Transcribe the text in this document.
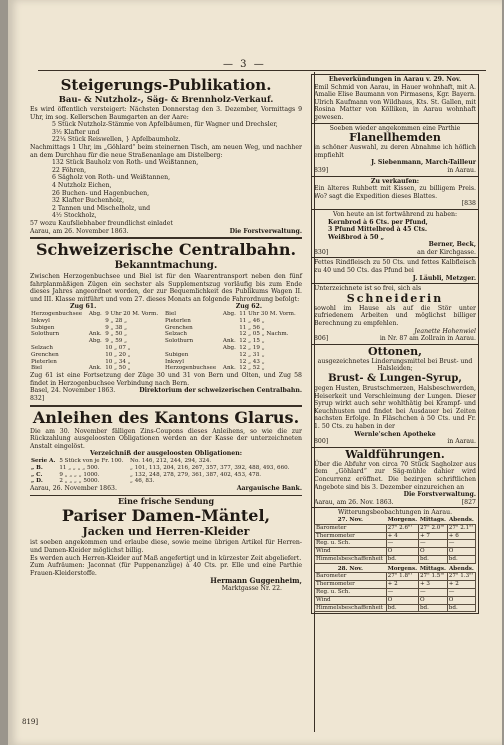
— 3 —
Steigerungs-Publikation.
Bau- & Nutzholz-, Säg- & Brennholz-Verkauf.

Es wird öffentlich versteigert: Nächsten Donnerstag den 3. Dezember, Vormittags 9 Uhr, im sog. Kellerschen Baumgarten an der Aare:

5 Stück Nutzholz-Stämme von Apfelbäumen, für Wagner und Drechsler,
3½ Klafter und
22¼ Stück Reiswellen, } Apfelbaumholz.

Nachmittags 1 Uhr, im „Göhlard“ beim steinernen Tisch, am neuen Weg, und nachher an dem Durchhau für die neue Straßenanlage am Distelberg:

132 Stück Bauholz von Roth- und Weißtannen,
22 Föhren,
6 Sägholz von Roth- und Weißtannen,
4 Nutzholz Eichen,
26 Buchen- und Hagenbuchen,
32 Klafter Buchenholz,
2 Tannen und Mischelholz, und
4½ Stockholz,
57 wozu Kaufsliebhaber freundlichst einladet
Aarau, am 26. November 1863.	Die Forstverwaltung.
Schweizerische Centralbahn.
Bekanntmachung.

Zwischen Herzogenbuchsee und Biel ist für den Waarentransport neben den fünf fahrplanmäßigen Zügen ein sechster als Supplementszug vorläufig bis zum Ende dieses Jahres angeordnet worden, der zur Bequemlichkeit des Publikums Wagen II. und III. Klasse mitführt und vom 27. dieses Monats an folgende Fahrordnung befolgt:

Zug 61.	Zug 62.
Herzogenbuchsee	Abg.	9 Uhr 20 M. Vorm.	Biel	Abg.	11 Uhr 30 M. Vorm.
Inkwyl		9 „ 28 „	Pieterlen		11 „ 46 „
Subigen		9 „ 38 „	Grenchen		11 „ 56 „
Solothurn	Ank.	9 „ 50 „	Selzach		12 „ 05 „ Nachm.
	Abg.	9 „ 59 „	Solothurn	Ank.	12 „ 15 „
Selzach		10 „ 07 „		Abg.	12 „ 19 „
Grenchen		10 „ 20 „	Subigen		12 „ 31 „
Pieterlen		10 „ 34 „	Inkwyl		12 „ 43 „
Biel	Ank.	10 „ 50 „	Herzogenbuchsee	Ank.	12 „ 52 „

Zug 61 ist eine Fortsetzung der Züge 30 und 31 von Bern und Olten, und Zug 58 findet in Herzogenbuchsee Verbindung nach Bern.

Basel, 24. November 1863.	Direktorium der schweizerischen Centralbahn.
832]
Anleihen des Kantons Glarus.

Die am 30. November fälligen Zins-Coupons dieses Anleihens, so wie die zur Rückzahlung ausgeloosten Obligationen werden an der Kasse der unterzeichneten Anstalt eingelöst.

Verzeichniß der ausgeloosten Obligationen:
Serie A.	5 Stück von je Fr. 100.	No. 146, 212, 244, 294, 324.
„ B.	11 „ „ „ „ 500.	„ 101, 113, 204, 216, 267, 357, 377, 392, 488, 493, 660.
„ C.	9 „ „ „ „ 1000.	„ 132, 248, 278, 279, 361, 387, 402, 453, 478.
„ D.	2 „ „ „ „ 5000.	„ 46, 83.
Aarau, 26. November 1863.	Aargauische Bank.
Eine frische Sendung
Pariser Damen-Mäntel,
Jacken und Herren-Kleider

ist soeben angekommen und erlaube diese, sowie meine übrigen Artikel für Herren- und Damen-Kleider möglichst billig.

Es werden auch Herren-Kleider auf Maß angefertigt und in kürzester Zeit abgeliefert.

Zum Aufräumen: Jaconnat (für Puppenanzüge) à 40 Cts. pr. Elle und eine Parthie Frauen-Kleiderstoffe.

Hermann Guggenheim,
Marktgasse Nr. 22.
Eheverkündungen in Aarau v. 29. Nov.

Emil Schmid von Aarau, in Hauer wohnhaft, mit A. Amalie Elise Baumann von Pirmasens, Kgr. Bayern. Ulrich Kaufmann von Wildhaus, Kts. St. Gallen, mit Rosina Matter von Kölliken, in Aarau wohnhaft gewesen.

Soeben wieder angekommen eine Parthie

Flanellhemden

in schöner Auswahl, zu deren Abnahme ich höflich empfiehlt

J. Siebenmann, March-Tailleur
839]	in Aarau.
Zu verkaufen:

Ein älteres Ruhbett mit Kissen, zu billigem Preis. Wo? sagt die Expedition dieses Blattes.

[838

Von heute an ist fortwährend zu haben:

Kernbrod à 6 Cts. per Pfund,
3 Pfund Mittelbrod à 45 Cts.
Weißbrod à 50 „
Berner, Beck,
830]	an der Kirchgasse.

Fettes Rindfleisch zu 50 Cts. und fettes Kalbfleisch zu 40 und 50 Cts. das Pfund bei

J. Läubli, Metzger.

Unterzeichnete ist so frei, sich als

Schneiderin

sowohl im Hause als auf die Stör unter zufriedenem Arbeiten und möglichst billiger Berechnung zu empfehlen.

Jeanette Hohenwiel
806]	in Nr. 87 am Zollrain in Aarau.
Ottonen,

ausgezeichnetes Linderungsmittel bei Brust- und Halsleiden;

Brust- & Lungen-Syrup,

gegen Husten, Brustschmerzen, Halsbeschwerden, Heiserkeit und Verschleimung der Lungen. Dieser Syrup wirkt auch sehr wohlthätig bei Krampf- und Keuchhusten und findet bei Ausdauer bei Zeiten nachsten Erfolge. In Fläschchen à 50 Cts. und Fr. 1. 50 Cts. zu haben in der

Wernle'schen Apotheke
800]	in Aarau.
Waldführungen.

Über die Abfuhr von circa 70 Stück Sagholzer aus dem „Göhlard“ zur Säg-mühle dahier wird Concurrenz eröffnet. Die bezirgen schriftlichen Angebote sind bis 3. Dezember einzureichen an

Die Forstverwaltung.
Aarau, am 26. Nov. 1863.	[827
Witterungsbeobachtungen in Aarau.
27. Nov.	Morgens.	Mittags.	Abends.
Barometer	27" 2.6"'	27" 2.0"'	27" 2.1"'
Thermometer	+ 4	+ 7	+ 6
Reg. u. Sch.	—	—	—
Wind	O	O	O
Himmelsbeschaffenheit	bd.	bd.	bd.
28. Nov.	Morgens.	Mittags.	Abends.
Barometer	27" 1.8"'	27" 1.5"'	27" 1.3"'
Thermometer	+ 2	+ 3	+ 2
Reg. u. Sch.	—	—	—
Wind	O	O	O
Himmelsbeschaffenheit	bd.	bd.	bd.
819]
